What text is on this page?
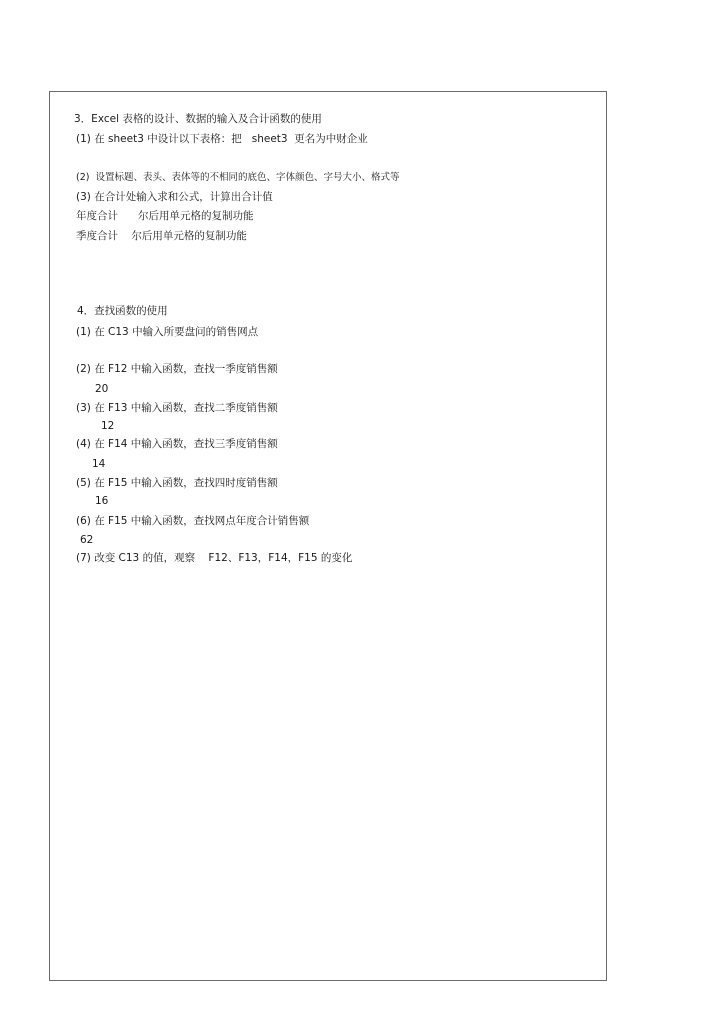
3．Excel 表格的设计、数据的输入及合计函数的使用
(1) 在 sheet3 中设计以下表格：把   sheet3  更名为中财企业
(2)  设置标题、表头、表体等的不相同的底色、字体颜色、字号大小、格式等
(3) 在合计处输入求和公式，计算出合计值
年度合计      尔后用单元格的复制功能
季度合计    尔后用单元格的复制功能
4．查找函数的使用
(1) 在 C13 中输入所要盘问的销售网点
(2) 在 F12 中输入函数，查找一季度销售额
20
(3) 在 F13 中输入函数，查找二季度销售额
12
(4) 在 F14 中输入函数，查找三季度销售额
14
(5) 在 F15 中输入函数，查找四时度销售额
16
(6) 在 F15 中输入函数，查找网点年度合计销售额
62
(7) 改变 C13 的值，观察    F12、F13，F14，F15 的变化
